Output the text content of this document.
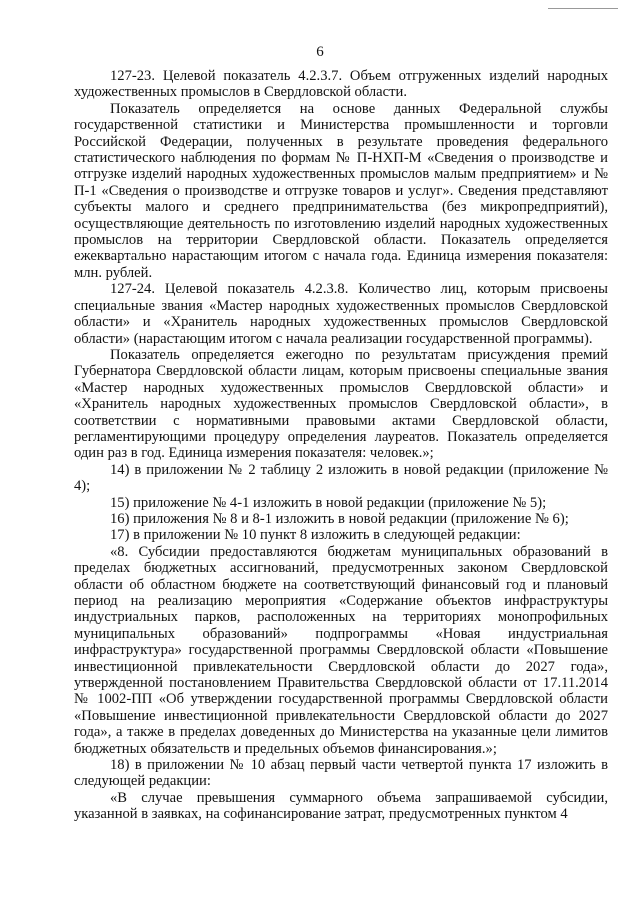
6

127-23. Целевой показатель 4.2.3.7. Объем отгруженных изделий народных художественных промыслов в Свердловской области.

Показатель определяется на основе данных Федеральной службы государственной статистики и Министерства промышленности и торговли Российской Федерации, полученных в результате проведения федерального статистического наблюдения по формам № П-НХП-М «Сведения о производстве и отгрузке изделий народных художественных промыслов малым предприятием» и № П-1 «Сведения о производстве и отгрузке товаров и услуг». Сведения представляют субъекты малого и среднего предпринимательства (без микропредприятий), осуществляющие деятельность по изготовлению изделий народных художественных промыслов на территории Свердловской области. Показатель определяется ежеквартально нарастающим итогом с начала года. Единица измерения показателя: млн. рублей.

127-24. Целевой показатель 4.2.3.8. Количество лиц, которым присвоены специальные звания «Мастер народных художественных промыслов Свердловской области» и «Хранитель народных художественных промыслов Свердловской области» (нарастающим итогом с начала реализации государственной программы).

Показатель определяется ежегодно по результатам присуждения премий Губернатора Свердловской области лицам, которым присвоены специальные звания «Мастер народных художественных промыслов Свердловской области» и «Хранитель народных художественных промыслов Свердловской области», в соответствии с нормативными правовыми актами Свердловской области, регламентирующими процедуру определения лауреатов. Показатель определяется один раз в год. Единица измерения показателя: человек.»;

14) в приложении № 2 таблицу 2 изложить в новой редакции (приложение № 4);

15) приложение № 4-1 изложить в новой редакции (приложение № 5);

16) приложения № 8 и 8-1 изложить в новой редакции (приложение № 6);

17) в приложении № 10 пункт 8 изложить в следующей редакции:

«8. Субсидии предоставляются бюджетам муниципальных образований в пределах бюджетных ассигнований, предусмотренных законом Свердловской области об областном бюджете на соответствующий финансовый год и плановый период на реализацию мероприятия «Содержание объектов инфраструктуры индустриальных парков, расположенных на территориях монопрофильных муниципальных образований» подпрограммы «Новая индустриальная инфраструктура» государственной программы Свердловской области «Повышение инвестиционной привлекательности Свердловской области до 2027 года», утвержденной постановлением Правительства Свердловской области от 17.11.2014 № 1002-ПП «Об утверждении государственной программы Свердловской области «Повышение инвестиционной привлекательности Свердловской области до 2027 года», а также в пределах доведенных до Министерства на указанные цели лимитов бюджетных обязательств и предельных объемов финансирования.»;

18) в приложении № 10 абзац первый части четвертой пункта 17 изложить в следующей редакции:

«В случае превышения суммарного объема запрашиваемой субсидии, указанной в заявках, на софинансирование затрат, предусмотренных пунктом 4
